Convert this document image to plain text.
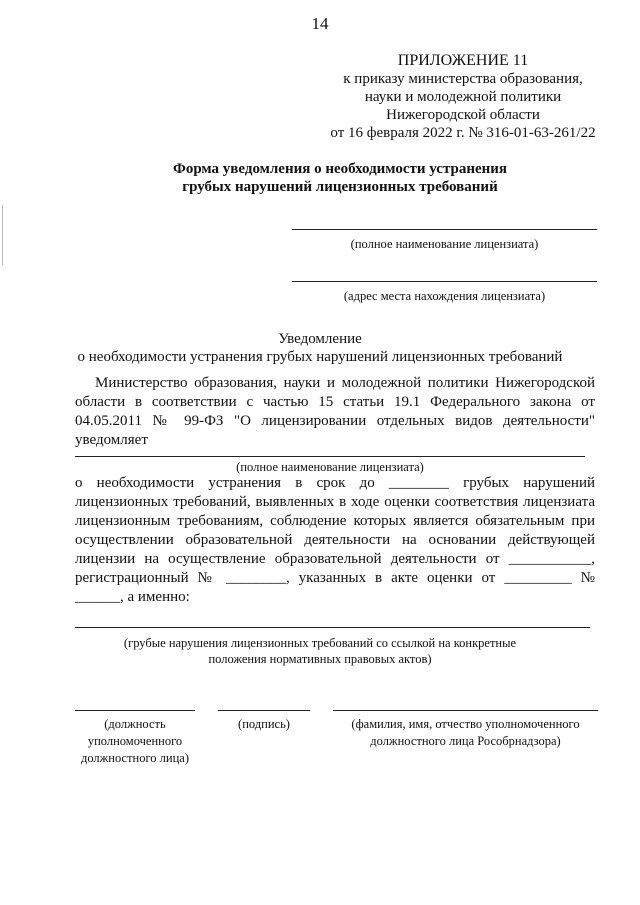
14
ПРИЛОЖЕНИЕ 11
к приказу министерства образования,
науки и молодежной политики
Нижегородской области
от 16 февраля 2022 г. № 316-01-63-261/22
Форма уведомления о необходимости устранения
грубых нарушений лицензионных требований
(полное наименование лицензиата)
(адрес места нахождения лицензиата)
Уведомление
о необходимости устранения грубых нарушений лицензионных требований
Министерство образования, науки и молодежной политики Нижегородской
области в соответствии с частью 15 статьи 19.1 Федерального закона от
04.05.2011 № 99-ФЗ "О лицензировании отдельных видов деятельности"
уведомляет
(полное наименование лицензиата)
о необходимости устранения в срок до ________ грубых нарушений
лицензионных требований, выявленных в ходе оценки соответствия лицензиата
лицензионным требованиям, соблюдение которых является обязательным при
осуществлении образовательной деятельности на основании действующей
лицензии на осуществление образовательной деятельности от ___________,
регистрационный № ________, указанных в акте оценки от _________ №
______, а именно:
(грубые нарушения лицензионных требований со ссылкой на конкретные
положения нормативных правовых актов)
(должность
уполномоченного
должностного лица)
(подпись)	(фамилия, имя, отчество уполномоченного
должностного лица Рособрнадзора)
